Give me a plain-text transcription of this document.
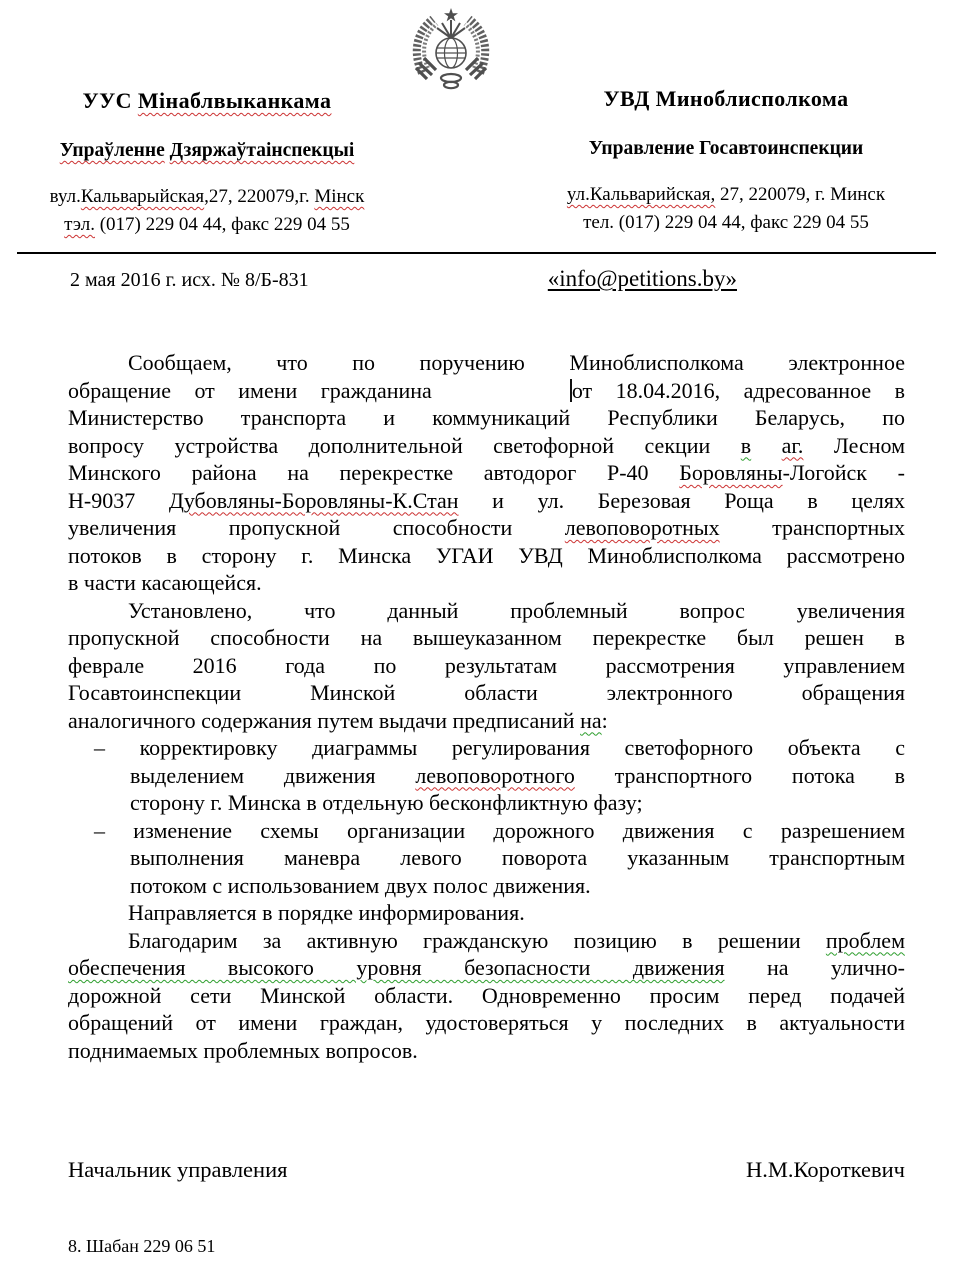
УУС Мінаблвыканкама
Упраўленне Дзяржаўтаінспекцыі
вул.Кальварыйская,27, 220079,г. Мінск
тэл. (017) 229 04 44, факс 229 04 55
УВД Миноблисполкома
Управление Госавтоинспекции
ул.Кальварийская, 27, 220079, г. Минск
тел. (017) 229 04 44, факс 229 04 55
2 мая 2016 г. исх. № 8/Б-831	«info@petitions.by»
Сообщаем, что по поручению Миноблисполкома электронное
обращение от имени гражданина	от 18.04.2016, адресованное в
Министерство транспорта и коммуникаций Республики Беларусь, по
вопросу устройства дополнительной светофорной секции в аг. Лесном
Минского района на перекрестке автодорог Р-40 Боровляны-Логойск -
Н-9037 Дубовляны-Боровляны-К.Стан и ул. Березовая Роща в целях
увеличения пропускной способности левоповоротных транспортных
потоков в сторону г. Минска УГАИ УВД Миноблисполкома рассмотрено
в части касающейся.
Установлено, что данный проблемный вопрос увеличения
пропускной способности на вышеуказанном перекрестке был решен в
феврале 2016 года по результатам рассмотрения управлением
Госавтоинспекции Минской области электронного обращения
аналогичного содержания путем выдачи предписаний на:
– корректировку диаграммы регулирования светофорного объекта с
выделением движения левоповоротного транспортного потока в
сторону г. Минска в отдельную бесконфликтную фазу;
– изменение схемы организации дорожного движения с разрешением
выполнения маневра левого поворота указанным транспортным
потоком с использованием двух полос движения.
Направляется в порядке информирования.
Благодарим за активную гражданскую позицию в решении проблем
обеспечения высокого уровня безопасности движения на улично-
дорожной сети Минской области. Одновременно просим перед подачей
обращений от имени граждан, удостоверяться у последних в актуальности
поднимаемых проблемных вопросов.
Начальник управления	Н.М.Короткевич
8. Шабан 229 06 51
